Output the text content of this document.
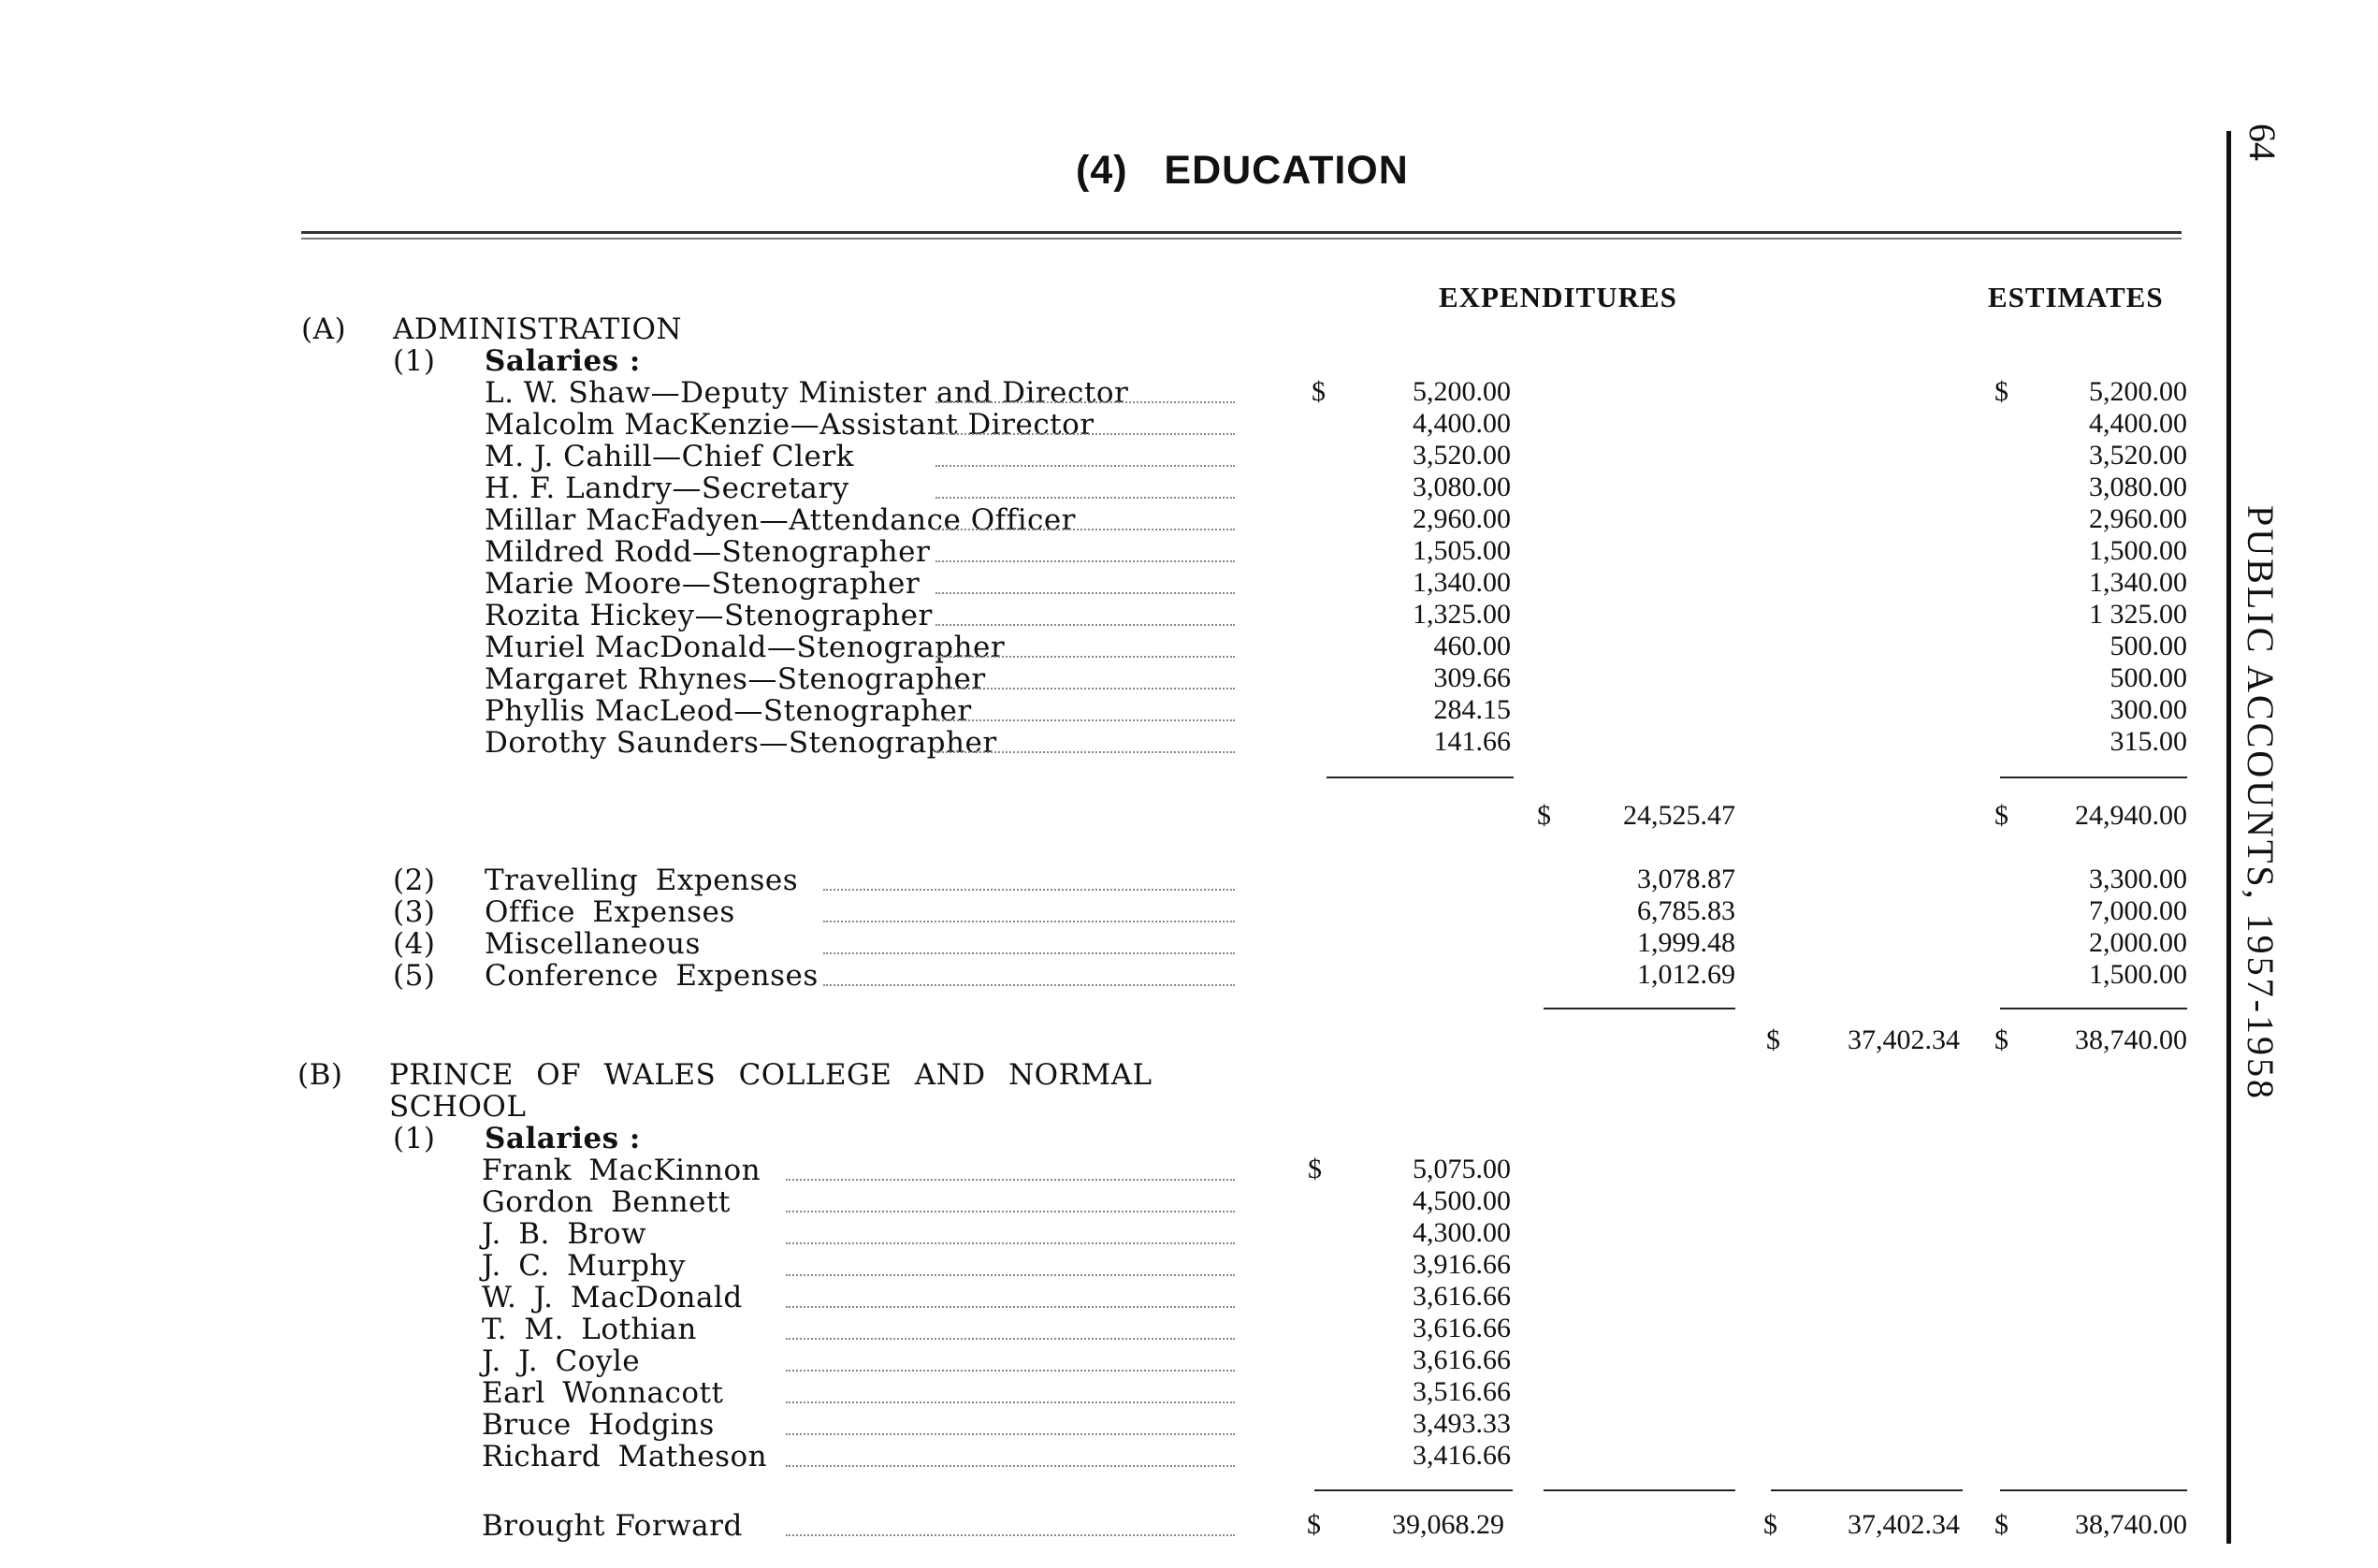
(4)   EDUCATION
64
PUBLIC ACCOUNTS, 1957-1958
EXPENDITURES	ESTIMATES
(A) ADMINISTRATION
(1) Salaries :
L. W. Shaw—Deputy Minister and Director	$	5,200.00	$	5,200.00
Malcolm MacKenzie—Assistant Director	4,400.00	4,400.00
M. J. Cahill—Chief Clerk	3,520.00	3,520.00
H. F. Landry—Secretary	3,080.00	3,080.00
Millar MacFadyen—Attendance Officer	2,960.00	2,960.00
Mildred Rodd—Stenographer	1,505.00	1,500.00
Marie Moore—Stenographer	1,340.00	1,340.00
Rozita Hickey—Stenographer	1,325.00	1 325.00
Muriel MacDonald—Stenographer	460.00	500.00
Margaret Rhynes—Stenographer	309.66	500.00
Phyllis MacLeod—Stenographer	284.15	300.00
Dorothy Saunders—Stenographer	141.66	315.00
$	24,525.47	$	24,940.00
(2) Travelling Expenses	3,078.87	3,300.00
(3) Office Expenses	6,785.83	7,000.00
(4) Miscellaneous	1,999.48	2,000.00
(5) Conference Expenses	1,012.69	1,500.00
$	37,402.34 $	38,740.00
(B) PRINCE OF WALES COLLEGE AND NORMAL
SCHOOL
(1) Salaries :
Frank MacKinnon	$	5,075.00
Gordon Bennett	4,500.00
J. B. Brow	4,300.00
J. C. Murphy	3,916.66
W. J. MacDonald	3,616.66
T. M. Lothian	3,616.66
J. J. Coyle	3,616.66
Earl Wonnacott	3,516.66
Bruce Hodgins	3,493.33
Richard Matheson	3,416.66
Brought Forward	$	39,068.29	$	37,402.34 $	38,740.00
